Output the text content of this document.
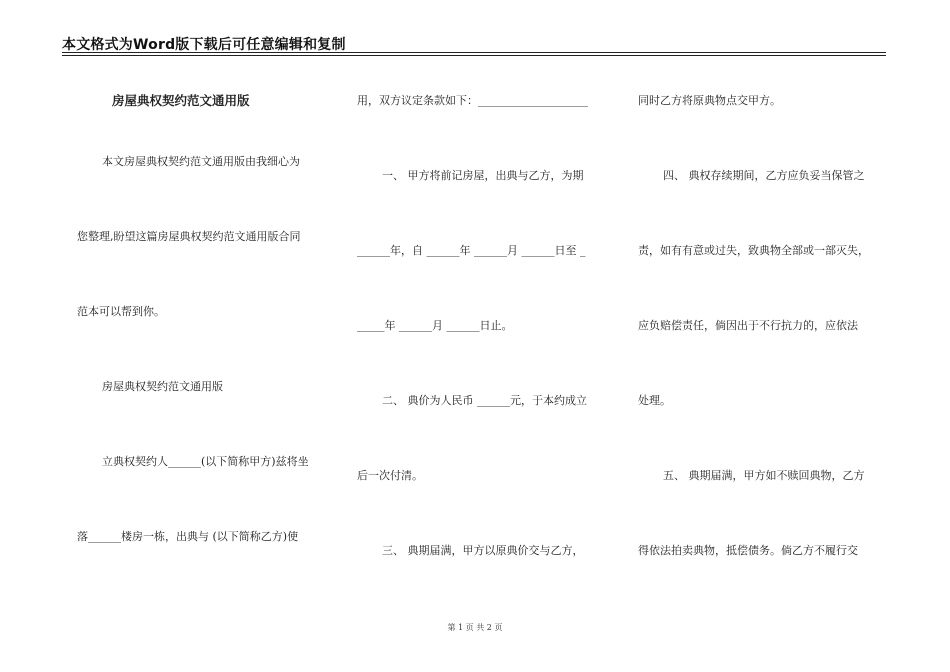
本文格式为Word版下载后可任意编辑和复制
房屋典权契约范文通用版
本文房屋典权契约范文通用版由我细心为
您整理,盼望这篇房屋典权契约范文通用版合同
范本可以帮到你。
房屋典权契约范文通用版
立典权契约人______(以下简称甲方)兹将坐
落______楼房一栋，出典与 (以下简称乙方)使
用，双方议定条款如下：____________________
一、 甲方将前记房屋，出典与乙方，为期
______年，自 ______年 ______月 ______日至 _
_____年 ______月 ______日止。
二、 典价为人民币 ______元，于本约成立
后一次付清。
三、 典期届满，甲方以原典价交与乙方，
同时乙方将原典物点交甲方。
四、 典权存续期间，乙方应负妥当保管之
责，如有有意或过失，致典物全部或一部灭失，
应负赔偿责任，倘因出于不行抗力的，应依法
处理。
五、 典期届满，甲方如不赎回典物，乙方
得依法拍卖典物，抵偿债务。倘乙方不履行交
第 1 页 共 2 页
